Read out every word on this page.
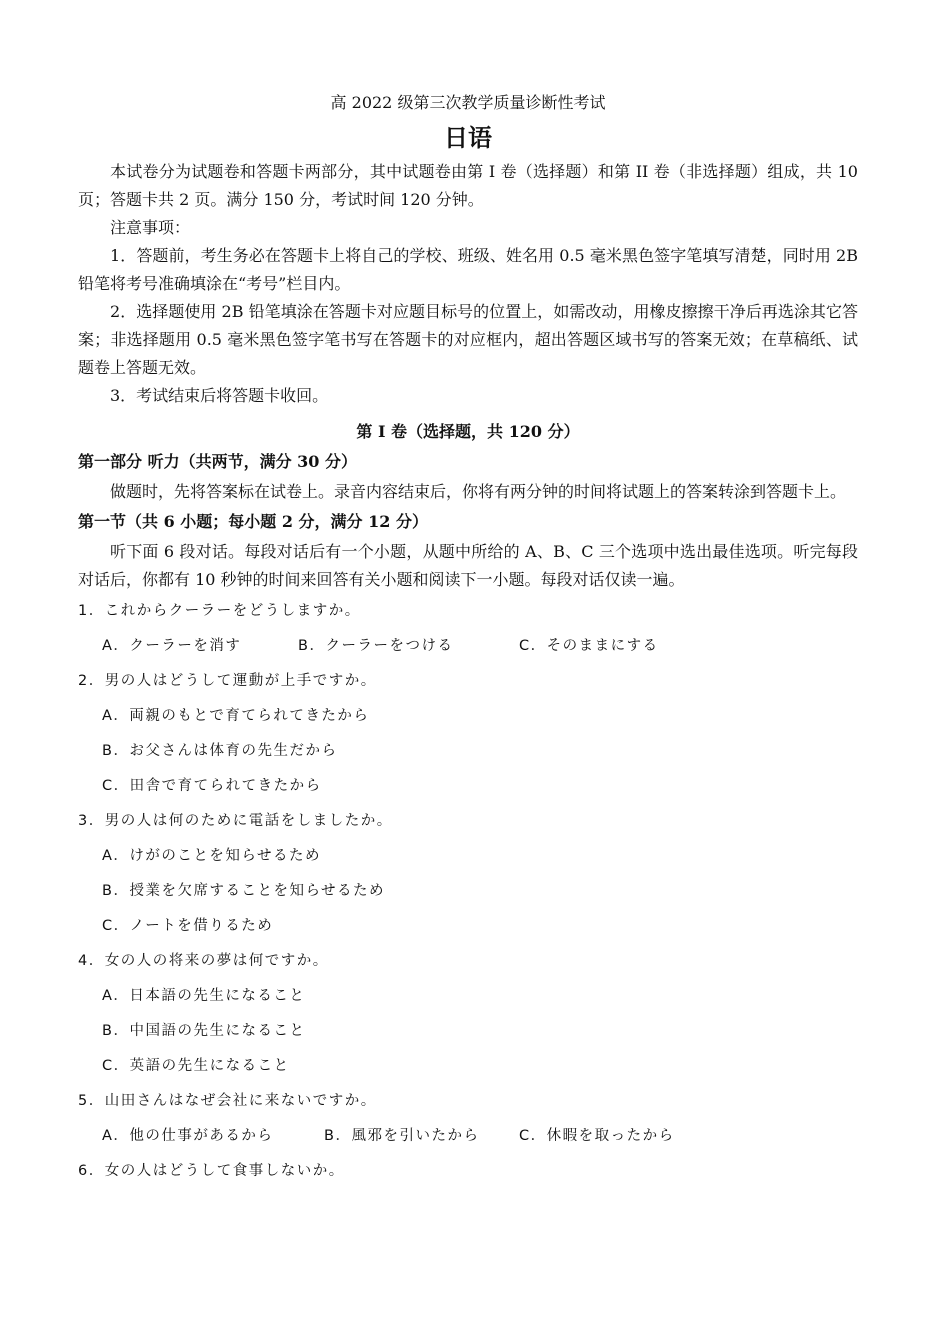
高 2022 级第三次教学质量诊断性考试
日语

本试卷分为试题卷和答题卡两部分，其中试题卷由第 I 卷（选择题）和第 II 卷（非选择题）组成，共 10 页；答题卡共 2 页。满分 150 分，考试时间 120 分钟。

注意事项：

1．答题前，考生务必在答题卡上将自己的学校、班级、姓名用 0.5 毫米黑色签字笔填写清楚，同时用 2B 铅笔将考号准确填涂在“考号”栏目内。

2．选择题使用 2B 铅笔填涂在答题卡对应题目标号的位置上，如需改动，用橡皮擦擦干净后再选涂其它答案；非选择题用 0.5 毫米黑色签字笔书写在答题卡的对应框内，超出答题区域书写的答案无效；在草稿纸、试题卷上答题无效。

3．考试结束后将答题卡收回。

第 I 卷（选择题，共 120 分）
第一部分 听力（共两节，满分 30 分）

做题时，先将答案标在试卷上。录音内容结束后，你将有两分钟的时间将试题上的答案转涂到答题卡上。

第一节（共 6 小题；每小题 2 分，满分 12 分）

听下面 6 段对话。每段对话后有一个小题，从题中所给的 A、B、C 三个选项中选出最佳选项。听完每段对话后，你都有 10 秒钟的时间来回答有关小题和阅读下一小题。每段对话仅读一遍。

1．これからクーラーをどうしますか。

A．クーラーを消す	B．クーラーをつける	C．そのままにする

2．男の人はどうして運動が上手ですか。

A．両親のもとで育てられてきたから

B．お父さんは体育の先生だから

C．田舎で育てられてきたから

3．男の人は何のために電話をしましたか。

A．けがのことを知らせるため

B．授業を欠席することを知らせるため

C．ノートを借りるため

4．女の人の将来の夢は何ですか。

A．日本語の先生になること

B．中国語の先生になること

C．英語の先生になること

5．山田さんはなぜ会社に来ないですか。

A．他の仕事があるから	B．風邪を引いたから	C．休暇を取ったから

6．女の人はどうして食事しないか。
